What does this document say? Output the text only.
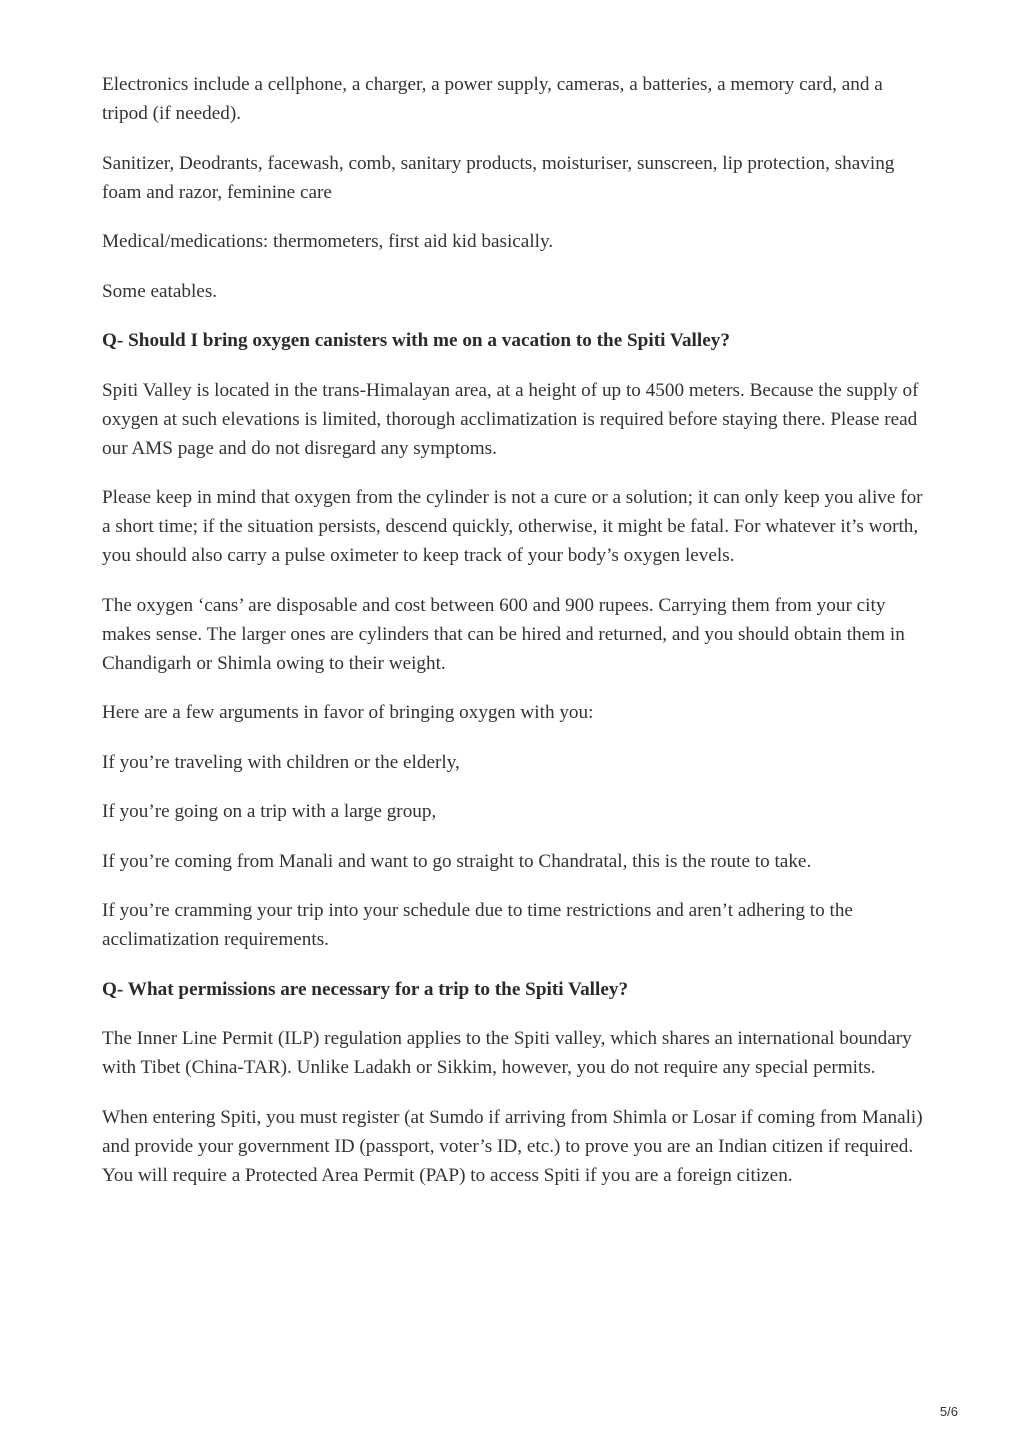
Electronics include a cellphone, a charger, a power supply, cameras, a batteries, a memory card, and a tripod (if needed).

Sanitizer, Deodrants, facewash, comb, sanitary products, moisturiser, sunscreen, lip protection, shaving foam and razor, feminine care

Medical/medications: thermometers, first aid kid basically.

Some eatables.

Q- Should I bring oxygen canisters with me on a vacation to the Spiti Valley?

Spiti Valley is located in the trans-Himalayan area, at a height of up to 4500 meters. Because the supply of oxygen at such elevations is limited, thorough acclimatization is required before staying there. Please read our AMS page and do not disregard any symptoms.

Please keep in mind that oxygen from the cylinder is not a cure or a solution; it can only keep you alive for a short time; if the situation persists, descend quickly, otherwise, it might be fatal. For whatever it’s worth, you should also carry a pulse oximeter to keep track of your body’s oxygen levels.

The oxygen ‘cans’ are disposable and cost between 600 and 900 rupees. Carrying them from your city makes sense. The larger ones are cylinders that can be hired and returned, and you should obtain them in Chandigarh or Shimla owing to their weight.

Here are a few arguments in favor of bringing oxygen with you:

If you’re traveling with children or the elderly,

If you’re going on a trip with a large group,

If you’re coming from Manali and want to go straight to Chandratal, this is the route to take.

If you’re cramming your trip into your schedule due to time restrictions and aren’t adhering to the acclimatization requirements.

Q- What permissions are necessary for a trip to the Spiti Valley?

The Inner Line Permit (ILP) regulation applies to the Spiti valley, which shares an international boundary with Tibet (China-TAR). Unlike Ladakh or Sikkim, however, you do not require any special permits.

When entering Spiti, you must register (at Sumdo if arriving from Shimla or Losar if coming from Manali) and provide your government ID (passport, voter’s ID, etc.) to prove you are an Indian citizen if required. You will require a Protected Area Permit (PAP) to access Spiti if you are a foreign citizen.

5/6
